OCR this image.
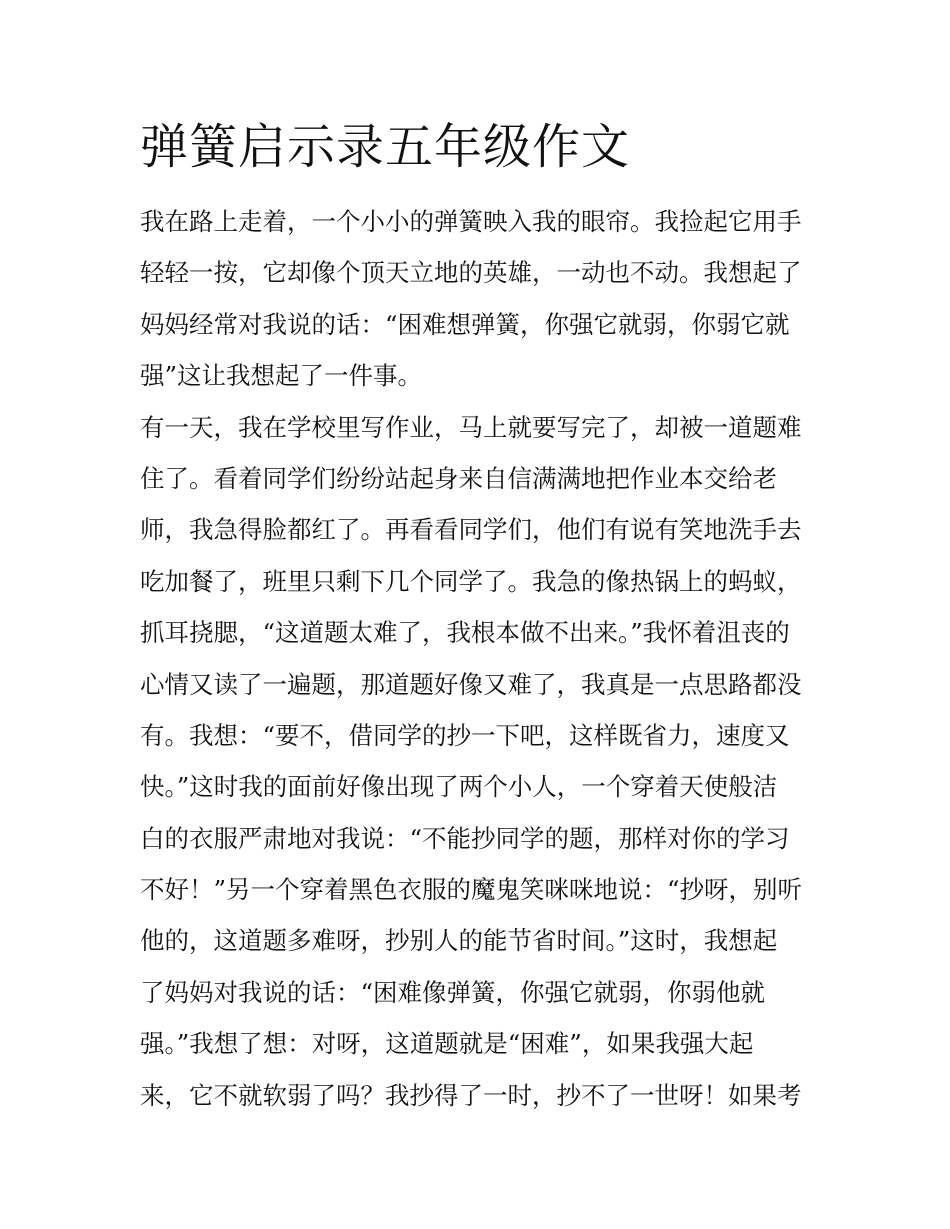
弹簧启示录五年级作文
我在路上走着，一个小小的弹簧映入我的眼帘。我捡起它用手
轻轻一按，它却像个顶天立地的英雄，一动也不动。我想起了
妈妈经常对我说的话：“困难想弹簧，你强它就弱，你弱它就
强”这让我想起了一件事。
有一天，我在学校里写作业，马上就要写完了，却被一道题难
住了。看着同学们纷纷站起身来自信满满地把作业本交给老
师，我急得脸都红了。再看看同学们，他们有说有笑地洗手去
吃加餐了，班里只剩下几个同学了。我急的像热锅上的蚂蚁，
抓耳挠腮，“这道题太难了，我根本做不出来。”我怀着沮丧的
心情又读了一遍题，那道题好像又难了，我真是一点思路都没
有。我想：“要不，借同学的抄一下吧，这样既省力，速度又
快。”这时我的面前好像出现了两个小人，一个穿着天使般洁
白的衣服严肃地对我说：“不能抄同学的题，那样对你的学习
不好！”另一个穿着黑色衣服的魔鬼笑咪咪地说：“抄呀，别听
他的，这道题多难呀，抄别人的能节省时间。”这时，我想起
了妈妈对我说的话：“困难像弹簧，你强它就弱，你弱他就
强。”我想了想：对呀，这道题就是“困难”，如果我强大起
来，它不就软弱了吗？我抄得了一时，抄不了一世呀！如果考
